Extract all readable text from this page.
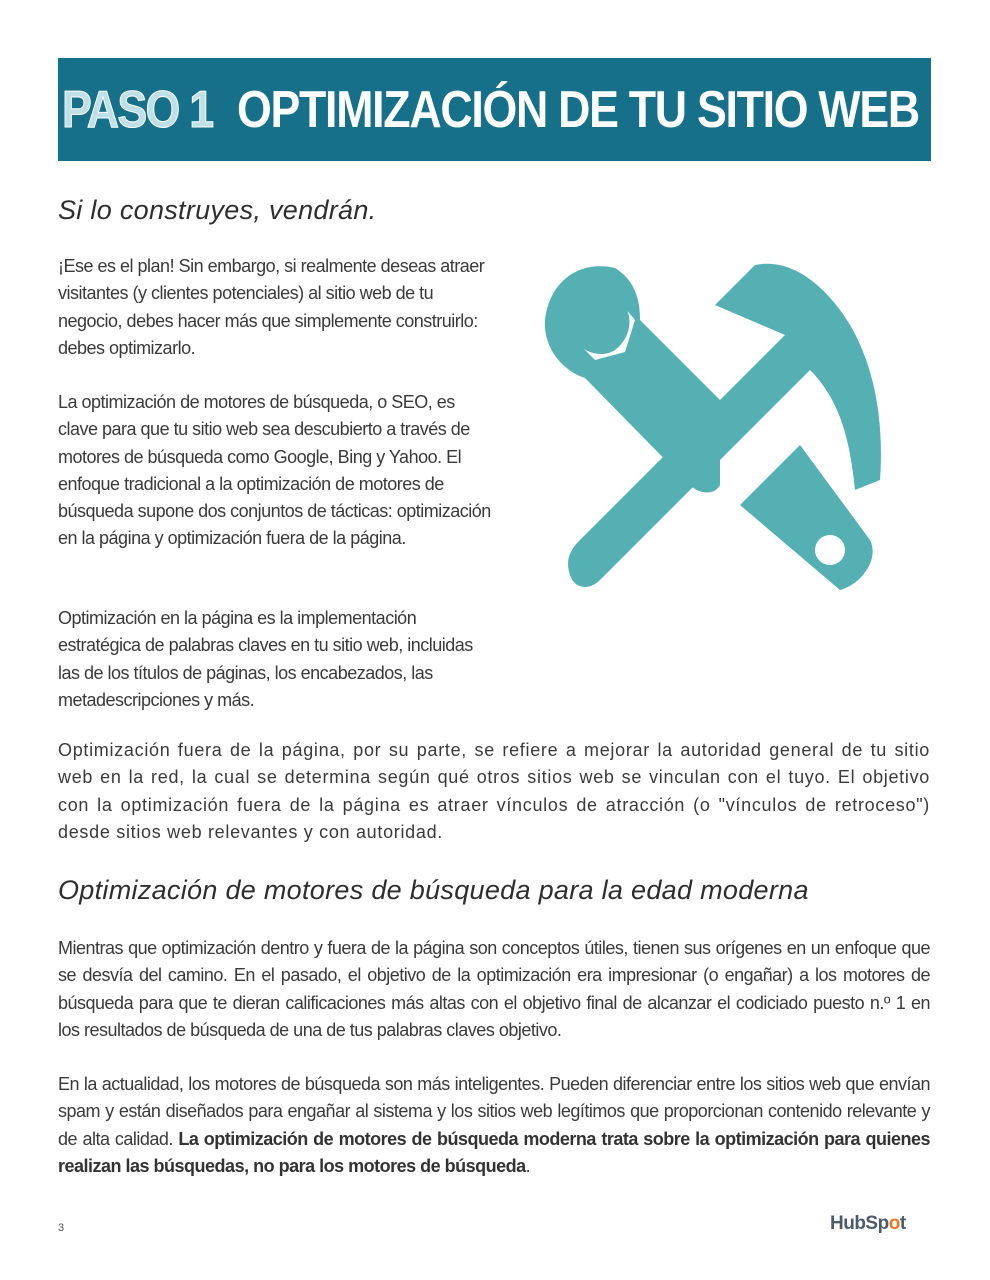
PASO 1 OPTIMIZACIÓN DE TU SITIO WEB
Si lo construyes, vendrán.

¡Ese es el plan! Sin embargo, si realmente deseas atraer visitantes (y clientes potenciales) al sitio web de tu negocio, debes hacer más que simplemente construirlo: debes optimizarlo.

La optimización de motores de búsqueda, o SEO, es clave para que tu sitio web sea descubierto a través de motores de búsqueda como Google, Bing y Yahoo. El enfoque tradicional a la optimización de motores de búsqueda supone dos conjuntos de tácticas: optimización en la página y optimización fuera de la página.

Optimización en la página es la implementación estratégica de palabras claves en tu sitio web, incluidas las de los títulos de páginas, los encabezados, las metadescripciones y más.

Optimización fuera de la página, por su parte, se refiere a mejorar la autoridad general de tu sitio web en la red, la cual se determina según qué otros sitios web se vinculan con el tuyo. El objetivo con la optimización fuera de la página es atraer vínculos de atracción (o "vínculos de retroceso") desde sitios web relevantes y con autoridad.

Optimización de motores de búsqueda para la edad moderna

Mientras que optimización dentro y fuera de la página son conceptos útiles, tienen sus orígenes en un enfoque que se desvía del camino. En el pasado, el objetivo de la optimización era impresionar (o engañar) a los motores de búsqueda para que te dieran calificaciones más altas con el objetivo final de alcanzar el codiciado puesto n.º 1 en los resultados de búsqueda de una de tus palabras claves objetivo.

En la actualidad, los motores de búsqueda son más inteligentes. Pueden diferenciar entre los sitios web que envían spam y están diseñados para engañar al sistema y los sitios web legítimos que proporcionan contenido relevante y de alta calidad. La optimización de motores de búsqueda moderna trata sobre la optimización para quienes realizan las búsquedas, no para los motores de búsqueda.

3	HubSpot
